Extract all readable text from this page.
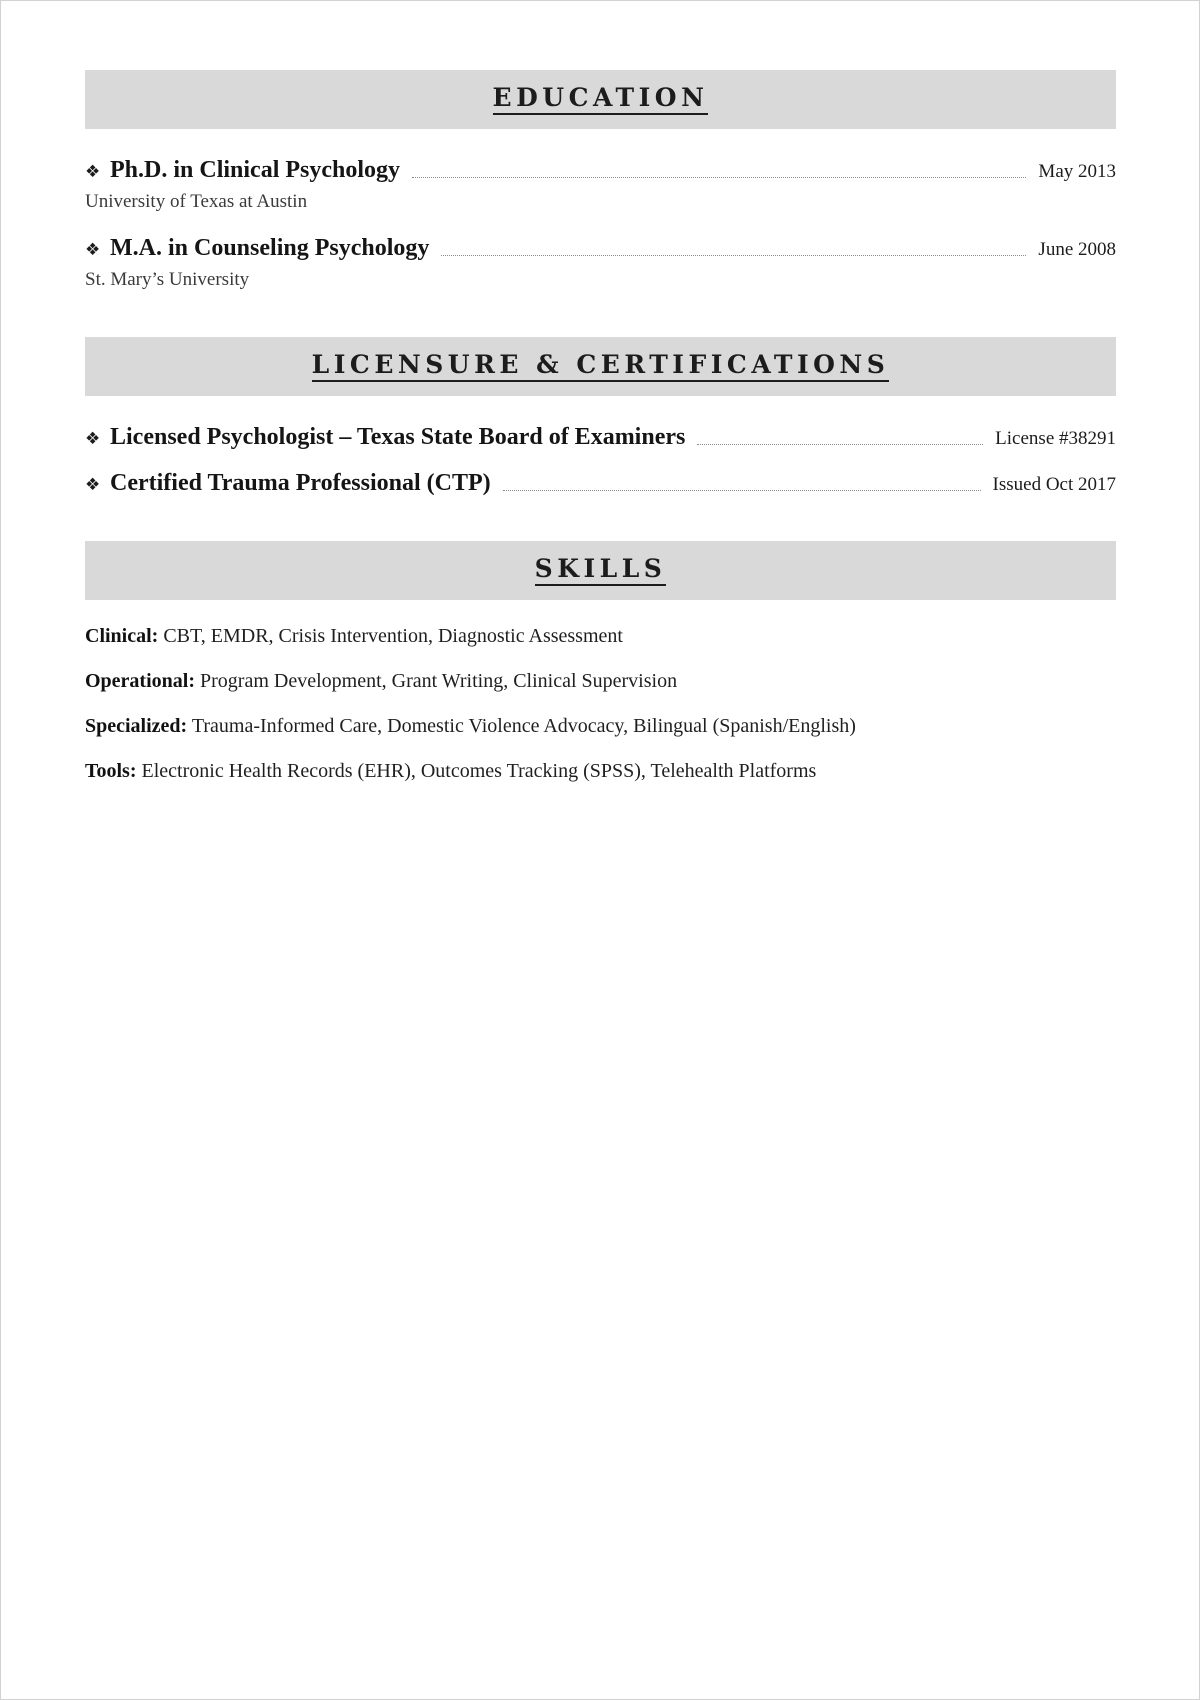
EDUCATION
❖ Ph.D. in Clinical Psychology	May 2013
University of Texas at Austin
❖ M.A. in Counseling Psychology	June 2008
St. Mary’s University
LICENSURE & CERTIFICATIONS
❖ Licensed Psychologist – Texas State Board of Examiners	License #38291
❖ Certified Trauma Professional (CTP)	Issued Oct 2017
SKILLS
Clinical: CBT, EMDR, Crisis Intervention, Diagnostic Assessment
Operational: Program Development, Grant Writing, Clinical Supervision
Specialized: Trauma-Informed Care, Domestic Violence Advocacy, Bilingual (Spanish/English)
Tools: Electronic Health Records (EHR), Outcomes Tracking (SPSS), Telehealth Platforms
